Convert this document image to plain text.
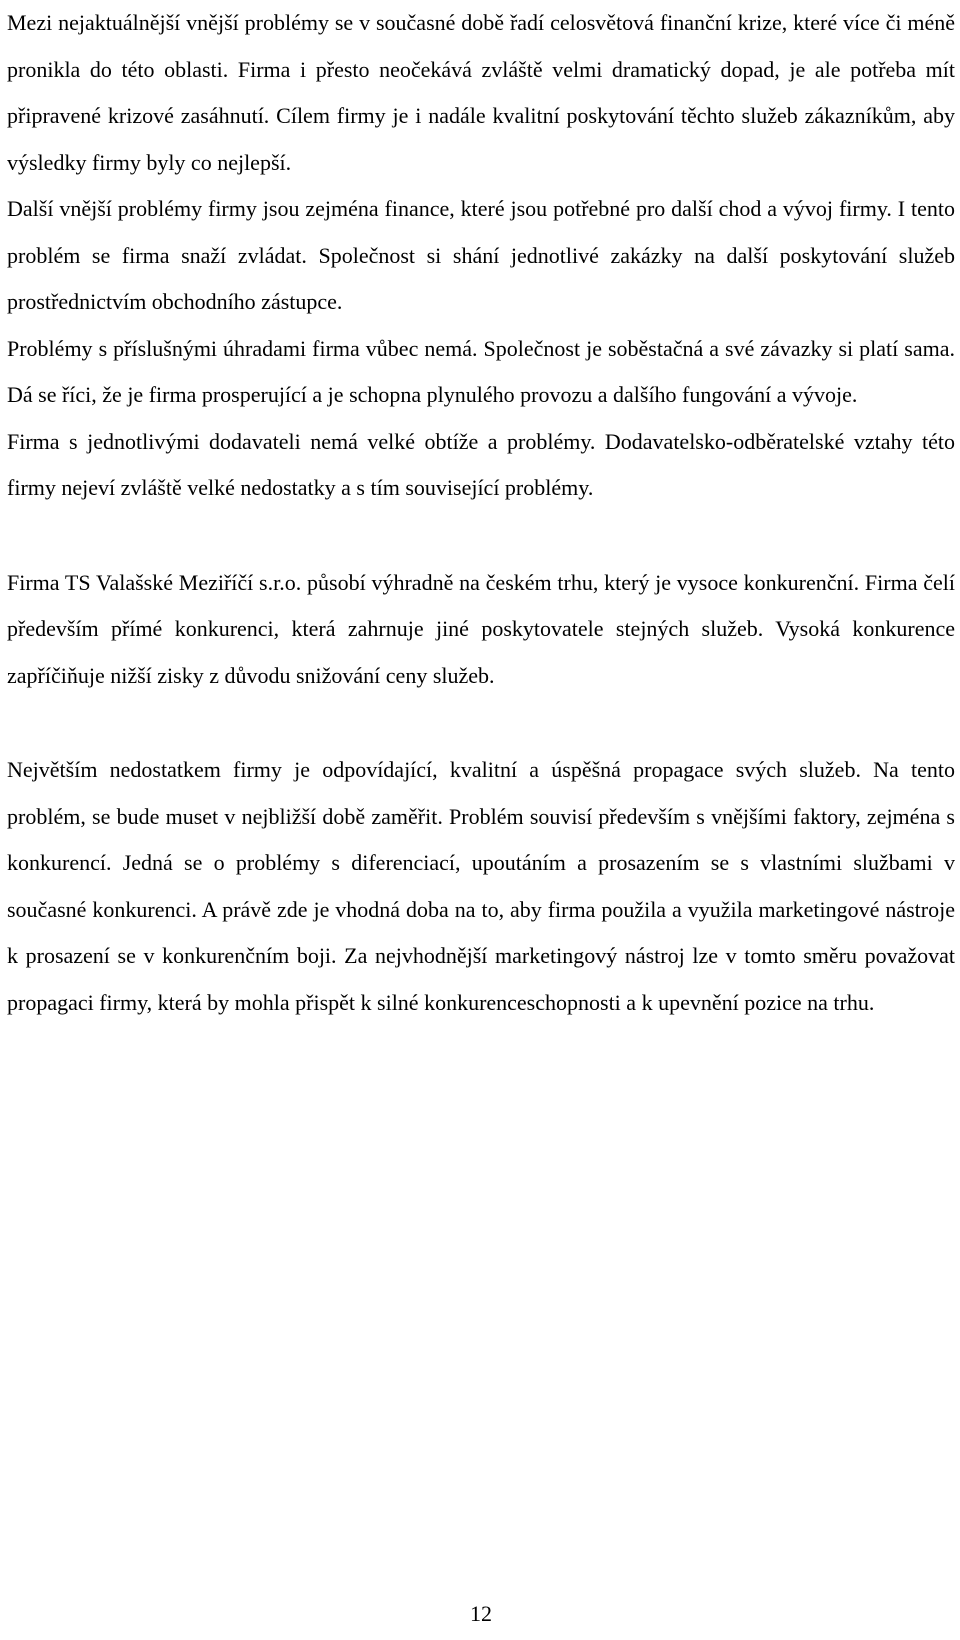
Mezi nejaktuálnější vnější problémy se v současné době řadí celosvětová finanční krize, které více či méně pronikla do této oblasti. Firma i přesto neočekává zvláště velmi dramatický dopad, je ale potřeba mít připravené krizové zasáhnutí. Cílem firmy je i nadále kvalitní poskytování těchto služeb zákazníkům, aby výsledky firmy byly co nejlepší.

Další vnější problémy firmy jsou zejména finance, které jsou potřebné pro další chod a vývoj firmy. I tento problém se firma snaží zvládat. Společnost si shání jednotlivé zakázky na další poskytování služeb prostřednictvím obchodního zástupce.

Problémy s příslušnými úhradami firma vůbec nemá. Společnost je soběstačná a své závazky si platí sama. Dá se říci, že je firma prosperující a je schopna plynulého provozu a dalšího fungování a vývoje.

Firma s jednotlivými dodavateli nemá velké obtíže a problémy. Dodavatelsko-odběratelské vztahy této firmy nejeví zvláště velké nedostatky a s tím související problémy.

Firma TS Valašské Meziříčí s.r.o. působí výhradně na českém trhu, který je vysoce konkurenční. Firma čelí především přímé konkurenci, která zahrnuje jiné poskytovatele stejných služeb. Vysoká konkurence zapříčiňuje nižší zisky z důvodu snižování ceny služeb.

Největším nedostatkem firmy je odpovídající, kvalitní a úspěšná propagace svých služeb. Na tento problém, se bude muset v nejbližší době zaměřit. Problém souvisí především s vnějšími faktory, zejména s konkurencí. Jedná se o problémy s diferenciací, upoutáním a prosazením se s vlastními službami v současné konkurenci. A právě zde je vhodná doba na to, aby firma použila a využila marketingové nástroje k prosazení se v konkurenčním boji. Za nejvhodnější marketingový nástroj lze v tomto směru považovat propagaci firmy, která by mohla přispět k silné konkurenceschopnosti a k upevnění pozice na trhu.

12
